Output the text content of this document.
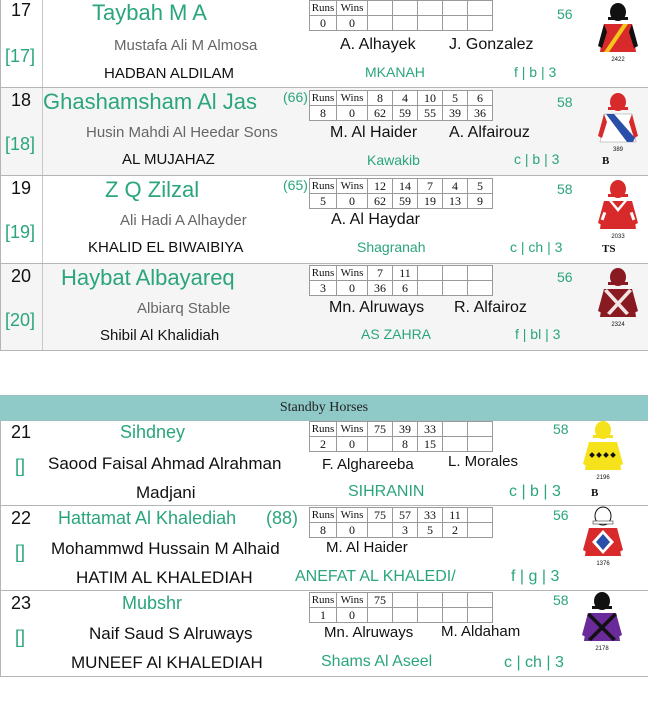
17
[17]
Taybah M A
Mustafa Ali M Almosa
HADBAN ALDILAM
Runs	Wins					
0	0					
A. Alhayek J. Gonzalez
MKANAH	f | b | 3
56
2422
18
[18]
Ghashamsham Al Jas (66)
Husin Mahdi Al Heedar Sons
AL MUJAHAZ
Runs	Wins	8	4	10	5	6
8	0	62	59	55	39	36
M. Al Haider A. Alfairouz
Kawakib	c | b | 3
58
389
B
19
[19]
Z Q Zilzal	(65)
Ali Hadi A Alhayder
KHALID EL BIWAIBIYA
Runs	Wins	12	14	7	4	5
5	0	62	59	19	13	9
A. Al Haydar
Shagranah	c | ch | 3
58
2033
TS
20
[20]
Haybat Albayareq
Albiarq Stable
Shibil Al Khalidiah
Runs	Wins	7	11			
3	0	36	6			
Mn. Alruways R. Alfairoz
AS ZAHRA	f | bl | 3
56
2324
Standby Horses
21
[]
Sihdney
Saood Faisal Ahmad Alrahman
Madjani
Runs	Wins	75	39	33		
2	0		8	15		
F. Alghareeba L. Morales
SIHRANIN	c | b | 3
58
2196
B
22
[]
Hattamat Al Khalediah (88)
Mohammwd Hussain M Alhaid
HATIM AL KHALEDIAH
Runs	Wins	75	57	33	11	
8	0		3	5	2	
M. Al Haider
ANEFAT AL KHALEDI/	f | g | 3
56
1376
23
[]
Mubshr
Naif Saud S Alruways
MUNEEF Al KHALEDIAH
Runs	Wins	75				
1	0					
Mn. Alruways M. Aldaham
Shams Al Aseel	c | ch | 3
58
2178
